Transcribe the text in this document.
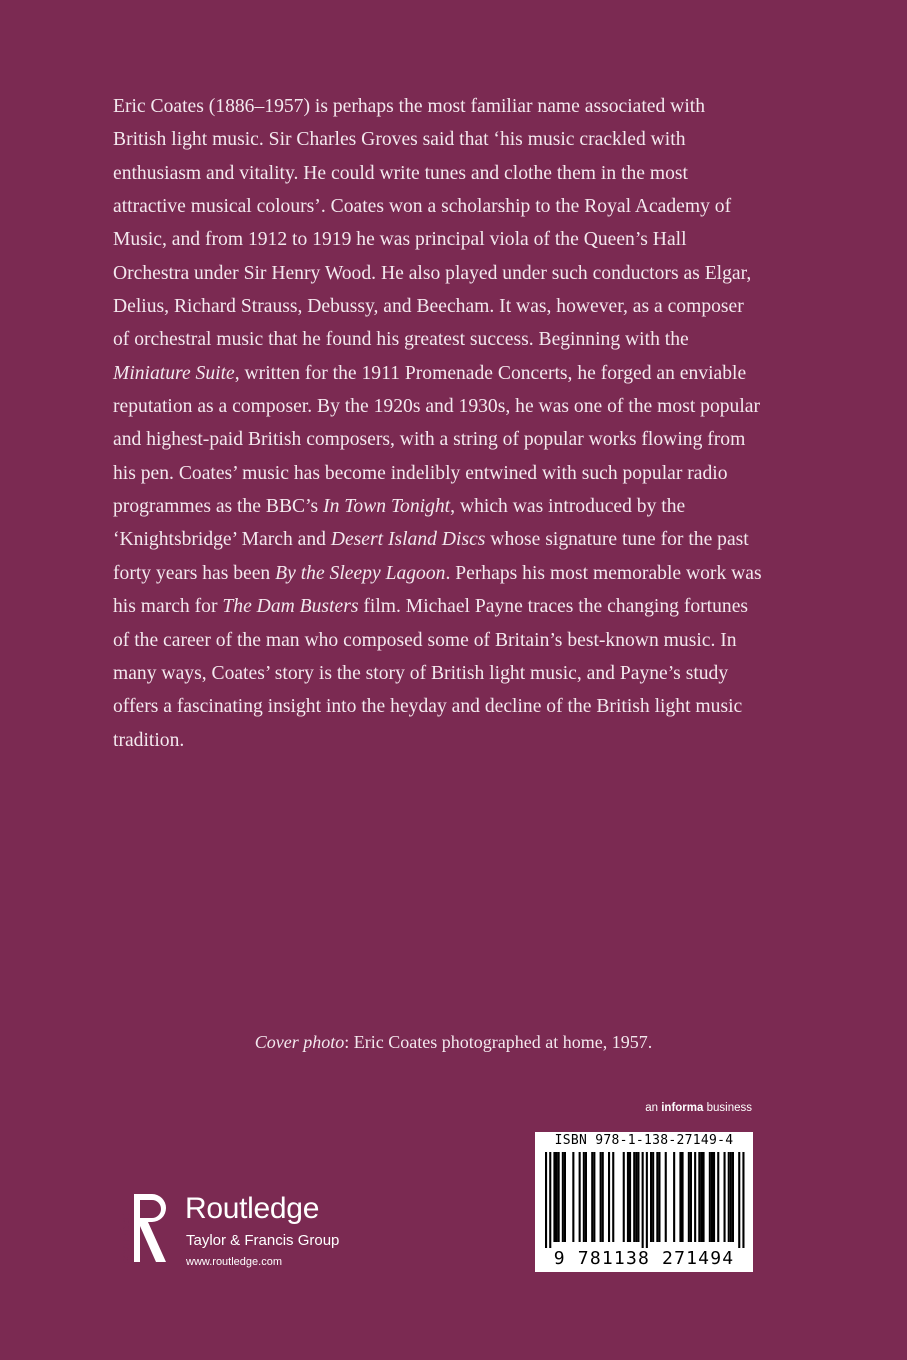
Eric Coates (1886–1957) is perhaps the most familiar name associated with British light music. Sir Charles Groves said that ‘his music crackled with enthusiasm and vitality. He could write tunes and clothe them in the most attractive musical colours’. Coates won a scholarship to the Royal Academy of Music, and from 1912 to 1919 he was principal viola of the Queen’s Hall Orchestra under Sir Henry Wood. He also played under such conductors as Elgar, Delius, Richard Strauss, Debussy, and Beecham. It was, however, as a composer of orchestral music that he found his greatest success. Beginning with the Miniature Suite, written for the 1911 Promenade Concerts, he forged an enviable reputation as a composer. By the 1920s and 1930s, he was one of the most popular and highest-paid British composers, with a string of popular works flowing from his pen. Coates’ music has become indelibly entwined with such popular radio programmes as the BBC’s In Town Tonight, which was introduced by the ‘Knightsbridge’ March and Desert Island Discs whose signature tune for the past forty years has been By the Sleepy Lagoon. Perhaps his most memorable work was his march for The Dam Busters film. Michael Payne traces the changing fortunes of the career of the man who composed some of Britain’s best-known music. In many ways, Coates’ story is the story of British light music, and Payne’s study offers a fascinating insight into the heyday and decline of the British light music tradition.

Cover photo: Eric Coates photographed at home, 1957.
an informa business
ISBN 978-1-138-27149-4
9 781138 271494
ROUTLEDGE
Routledge
Taylor & Francis Group
www.routledge.com
